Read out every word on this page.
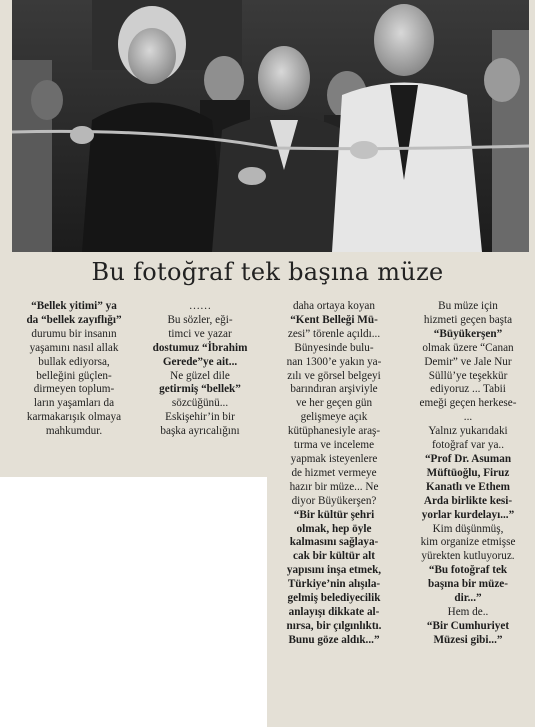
Bu fotoğraf tek başına müze

“Bellek yitimi” ya

da “bellek zayıflığı”

durumu bir insanın

yaşamını nasıl allak

bullak ediyorsa,

belleğini güçlen-

dirmeyen toplum-

ların yaşamları da

karmakarışık olmaya

mahkumdur.

……

Bu sözler, eği-

timci ve yazar

dostumuz “İbrahim

Gerede”ye ait...

Ne güzel dile

getirmiş “bellek”

sözcüğünü...

Eskişehir’in bir

başka ayrıcalığını

daha ortaya koyan

“Kent Belleği Mü-

zesi” törenle açıldı...

Bünyesinde bulu-

nan 1300’e yakın ya-

zılı ve görsel belgeyi

barındıran arşiviyle

ve her geçen gün

gelişmeye açık

kütüphanesiyle araş-

tırma ve inceleme

yapmak isteyenlere

de hizmet vermeye

hazır bir müze... Ne

diyor Büyükerşen?

“Bir kültür şehri

olmak, hep öyle

kalmasını sağlaya-

cak bir kültür alt

yapısını inşa etmek,

Türkiye’nin alışıla-

gelmiş belediyecilik

anlayışı dikkate al-

nırsa, bir çılgınlıktı.

Bunu göze aldık...”

Bu müze için

hizmeti geçen başta

“Büyükerşen”

olmak üzere “Canan

Demir” ve Jale Nur

Süllü’ye teşekkür

ediyoruz ... Tabii

emeği geçen herkese-

...

Yalnız yukarıdaki

fotoğraf var ya..

“Prof Dr. Asuman

Müftüoğlu, Firuz

Kanatlı ve Ethem

Arda birlikte kesi-

yorlar kurdelayı...”

Kim düşünmüş,

kim organize etmişse

yürekten kutluyoruz.

“Bu fotoğraf tek

başına bir müze-

dir...”

Hem de..

“Bir Cumhuriyet

Müzesi gibi...”
